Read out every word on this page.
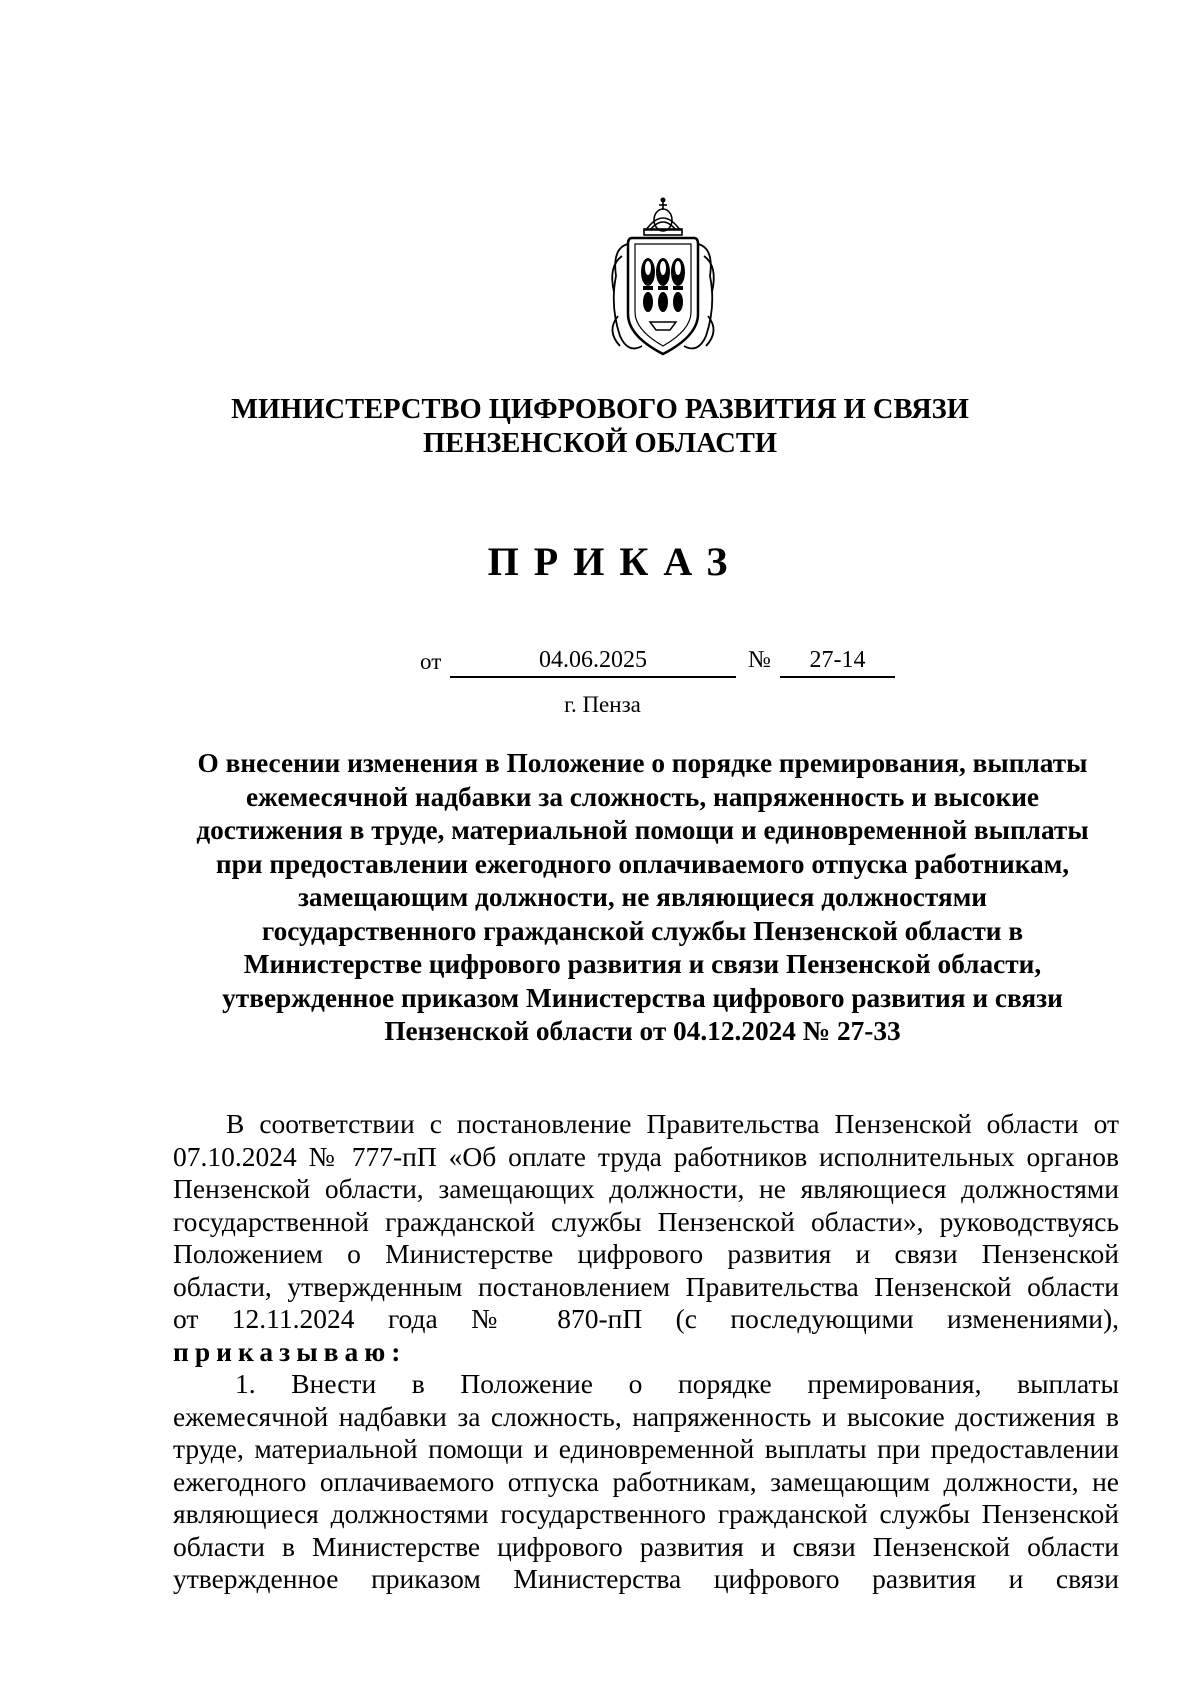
МИНИСТЕРСТВО ЦИФРОВОГО РАЗВИТИЯ И СВЯЗИ
ПЕНЗЕНСКОЙ ОБЛАСТИ
ПРИКАЗ
от	04.06.2025	№	27-14
г. Пенза
О внесении изменения в Положение о порядке премирования, выплаты
ежемесячной надбавки за сложность, напряженность и высокие
достижения в труде, материальной помощи и единовременной выплаты
при предоставлении ежегодного оплачиваемого отпуска работникам,
замещающим должности, не являющиеся должностями
государственного гражданской службы Пензенской области в
Министерстве цифрового развития и связи Пензенской области,
утвержденное приказом Министерства цифрового развития и связи
Пензенской области от 04.12.2024 № 27-33
В соответствии с постановление Правительства Пензенской области от
07.10.2024 № 777-пП «Об оплате труда работников исполнительных органов
Пензенской области, замещающих должности, не являющиеся должностями
государственной гражданской службы Пензенской области», руководствуясь
Положением о Министерстве цифрового развития и связи Пензенской
области, утвержденным постановлением Правительства Пензенской области
от 12.11.2024 года № 870-пП (с последующими изменениями),
приказываю:
1. Внести в Положение о порядке премирования, выплаты
ежемесячной надбавки за сложность, напряженность и высокие достижения в
труде, материальной помощи и единовременной выплаты при предоставлении
ежегодного оплачиваемого отпуска работникам, замещающим должности, не
являющиеся должностями государственного гражданской службы Пензенской
области в Министерстве цифрового развития и связи Пензенской области
утвержденное приказом Министерства цифрового развития и связи
